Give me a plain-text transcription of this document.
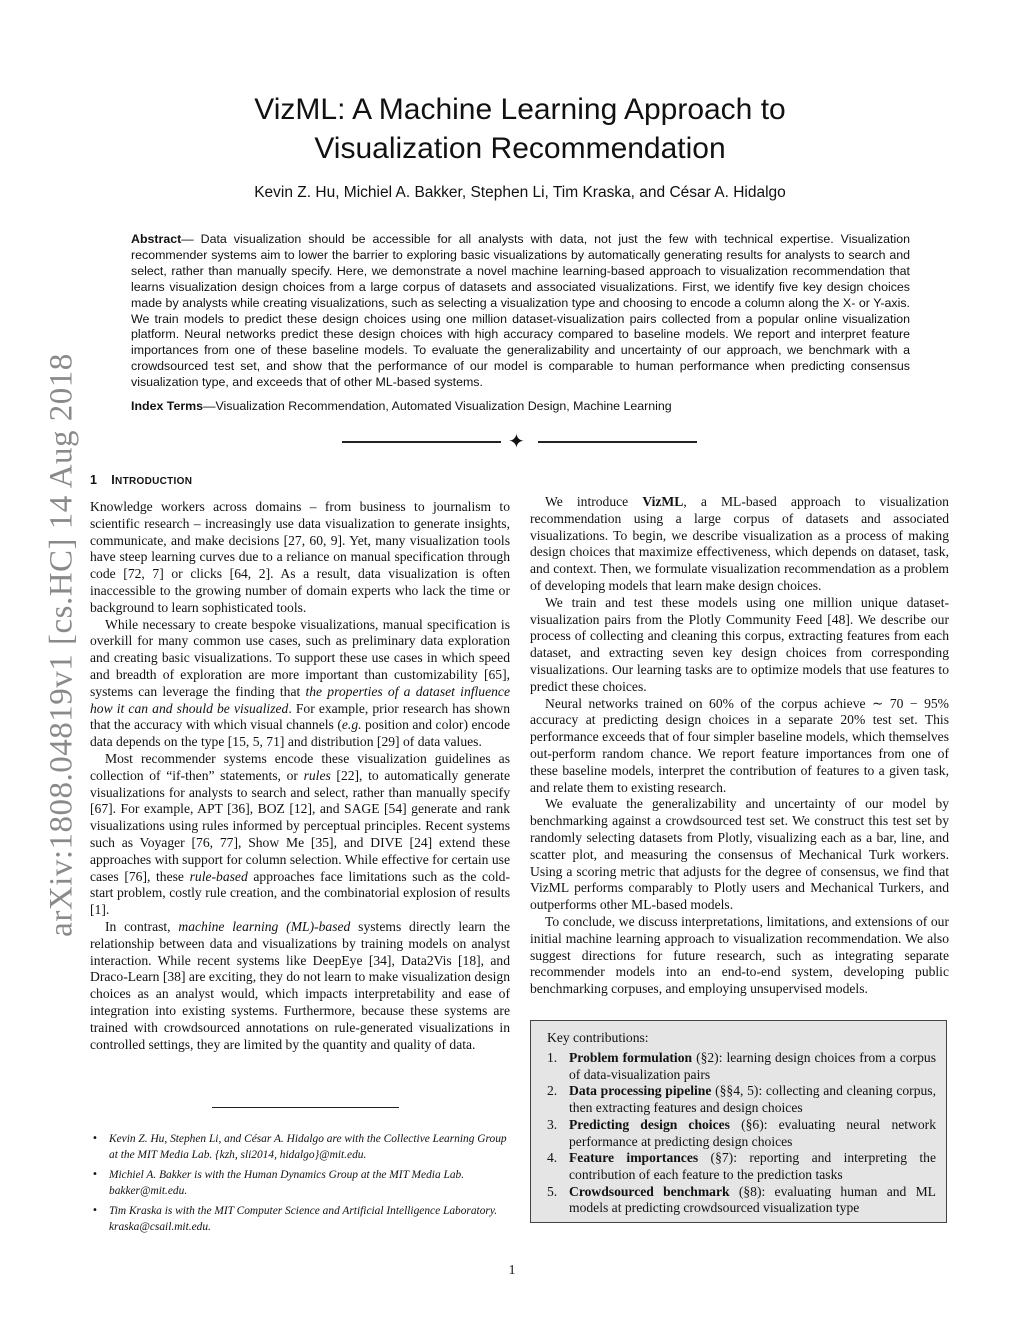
arXiv:1808.04819v1 [cs.HC] 14 Aug 2018
VizML: A Machine Learning Approach to
Visualization Recommendation
Kevin Z. Hu, Michiel A. Bakker, Stephen Li, Tim Kraska, and César A. Hidalgo
Abstract— Data visualization should be accessible for all analysts with data, not just the few with technical expertise. Visualization recommender systems aim to lower the barrier to exploring basic visualizations by automatically generating results for analysts to search and select, rather than manually specify. Here, we demonstrate a novel machine learning-based approach to visualization recommendation that learns visualization design choices from a large corpus of datasets and associated visualizations. First, we identify five key design choices made by analysts while creating visualizations, such as selecting a visualization type and choosing to encode a column along the X- or Y-axis. We train models to predict these design choices using one million dataset-visualization pairs collected from a popular online visualization platform. Neural networks predict these design choices with high accuracy compared to baseline models. We report and interpret feature importances from one of these baseline models. To evaluate the generalizability and uncertainty of our approach, we benchmark with a crowdsourced test set, and show that the performance of our model is comparable to human performance when predicting consensus visualization type, and exceeds that of other ML-based systems.
Index Terms—Visualization Recommendation, Automated Visualization Design, Machine Learning
✦
1 INTRODUCTION

Knowledge workers across domains – from business to journalism to scientific research – increasingly use data visualization to generate insights, communicate, and make decisions [27, 60, 9]. Yet, many visualization tools have steep learning curves due to a reliance on manual specification through code [72, 7] or clicks [64, 2]. As a result, data visualization is often inaccessible to the growing number of domain experts who lack the time or background to learn sophisticated tools.

While necessary to create bespoke visualizations, manual specification is overkill for many common use cases, such as preliminary data exploration and creating basic visualizations. To support these use cases in which speed and breadth of exploration are more important than customizability [65], systems can leverage the finding that the properties of a dataset influence how it can and should be visualized. For example, prior research has shown that the accuracy with which visual channels (e.g. position and color) encode data depends on the type [15, 5, 71] and distribution [29] of data values.

Most recommender systems encode these visualization guidelines as collection of “if-then” statements, or rules [22], to automatically generate visualizations for analysts to search and select, rather than manually specify [67]. For example, APT [36], BOZ [12], and SAGE [54] generate and rank visualizations using rules informed by perceptual principles. Recent systems such as Voyager [76, 77], Show Me [35], and DIVE [24] extend these approaches with support for column selection. While effective for certain use cases [76], these rule-based approaches face limitations such as the cold-start problem, costly rule creation, and the combinatorial explosion of results [1].

In contrast, machine learning (ML)-based systems directly learn the relationship between data and visualizations by training models on analyst interaction. While recent systems like DeepEye [34], Data2Vis [18], and Draco-Learn [38] are exciting, they do not learn to make visualization design choices as an analyst would, which impacts interpretability and ease of integration into existing systems. Furthermore, because these systems are trained with crowdsourced annotations on rule-generated visualizations in controlled settings, they are limited by the quantity and quality of data.

• Kevin Z. Hu, Stephen Li, and César A. Hidalgo are with the Collective Learning Group at the MIT Media Lab. {kzh, sli2014, hidalgo}@mit.edu.
• Michiel A. Bakker is with the Human Dynamics Group at the MIT Media Lab. bakker@mit.edu.
• Tim Kraska is with the MIT Computer Science and Artificial Intelligence Laboratory. kraska@csail.mit.edu.

We introduce VizML, a ML-based approach to visualization recommendation using a large corpus of datasets and associated visualizations. To begin, we describe visualization as a process of making design choices that maximize effectiveness, which depends on dataset, task, and context. Then, we formulate visualization recommendation as a problem of developing models that learn make design choices.

We train and test these models using one million unique dataset-visualization pairs from the Plotly Community Feed [48]. We describe our process of collecting and cleaning this corpus, extracting features from each dataset, and extracting seven key design choices from corresponding visualizations. Our learning tasks are to optimize models that use features to predict these choices.

Neural networks trained on 60% of the corpus achieve ∼ 70 − 95% accuracy at predicting design choices in a separate 20% test set. This performance exceeds that of four simpler baseline models, which themselves out-perform random chance. We report feature importances from one of these baseline models, interpret the contribution of features to a given task, and relate them to existing research.

We evaluate the generalizability and uncertainty of our model by benchmarking against a crowdsourced test set. We construct this test set by randomly selecting datasets from Plotly, visualizing each as a bar, line, and scatter plot, and measuring the consensus of Mechanical Turk workers. Using a scoring metric that adjusts for the degree of consensus, we find that VizML performs comparably to Plotly users and Mechanical Turkers, and outperforms other ML-based models.

To conclude, we discuss interpretations, limitations, and extensions of our initial machine learning approach to visualization recommendation. We also suggest directions for future research, such as integrating separate recommender models into an end-to-end system, developing public benchmarking corpuses, and employing unsupervised models.

Key contributions:
1. Problem formulation (§2): learning design choices from a corpus of data-visualization pairs
2. Data processing pipeline (§§4, 5): collecting and cleaning corpus, then extracting features and design choices
3. Predicting design choices (§6): evaluating neural network performance at predicting design choices
4. Feature importances (§7): reporting and interpreting the contribution of each feature to the prediction tasks
5. Crowdsourced benchmark (§8): evaluating human and ML models at predicting crowdsourced visualization type
1
